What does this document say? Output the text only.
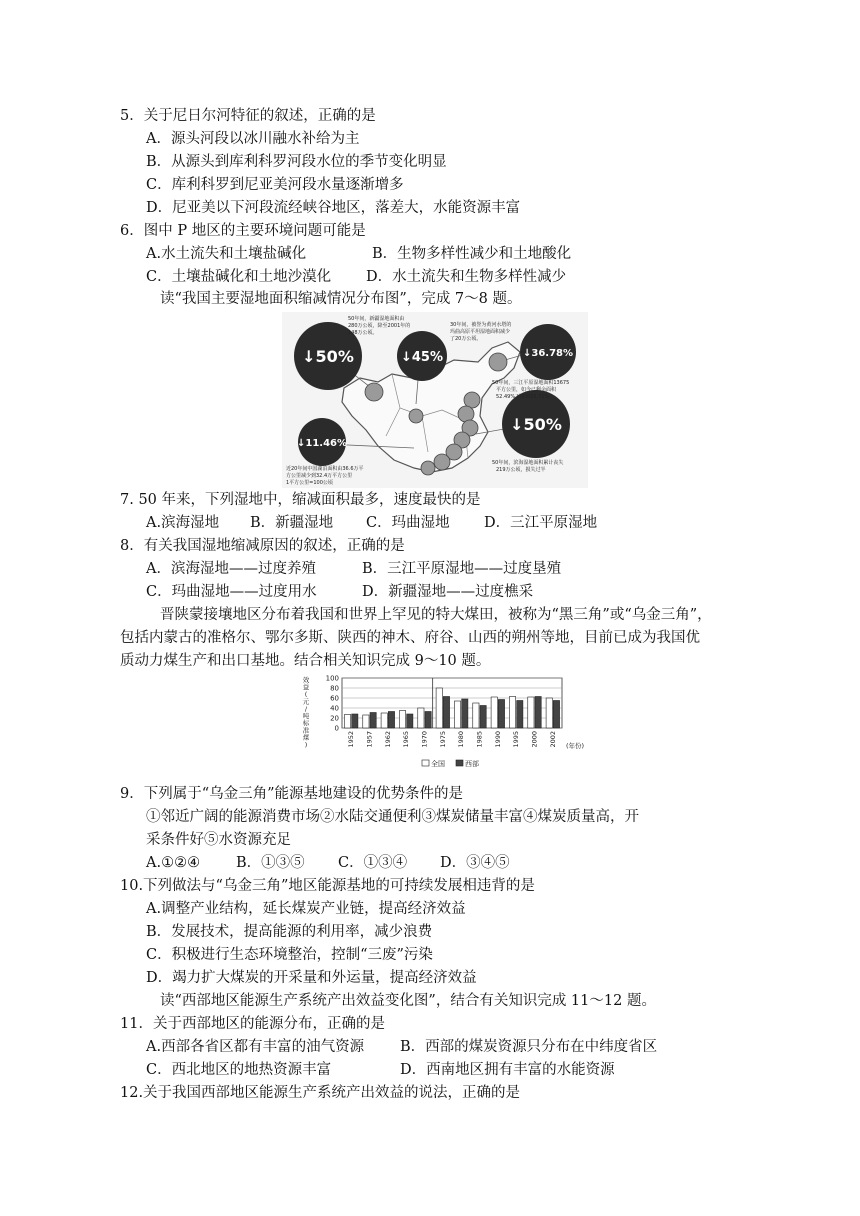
5．关于尼日尔河特征的叙述，正确的是
A．源头河段以冰川融水补给为主
B．从源头到库利科罗河段水位的季节变化明显
C．库利科罗到尼亚美河段水量逐渐增多
D．尼亚美以下河段流经峡谷地区，落差大，水能资源丰富
6．图中 P 地区的主要环境问题可能是
A.水土流失和土壤盐碱化	B．生物多样性减少和土地酸化
C．土壤盐碱化和土地沙漠化 D．水土流失和生物多样性减少
读“我国主要湿地面积缩减情况分布图”，完成 7～8 题。
↓50%	↓45%	↓36.78%
↓50%
↓11.46%
50年间，新疆湿地面积由
280万公顷，降至2001年的
148万公顷。
30年间，被誉为黄河水塔的
玛曲高原平坦湿地面积减少
了20万公顷。
50年间，三江平原湿地面积13675
平方公里，如今已剩余面积
52.49%下降到15.71%
50年间，滨海湿地面积累计丧失
219万公顷，损失过半
近20年间中国湖泊面积由36.6万平
方公里减少到32.4万平方公里
1平方公里=100公顷
7. 50 年来，下列湿地中，缩减面积最多，速度最快的是
A.滨海湿地 B．新疆湿地 C．玛曲湿地 D．三江平原湿地
8．有关我国湿地缩减原因的叙述，正确的是
A．滨海湿地——过度养殖	B．三江平原湿地——过度垦殖
C．玛曲湿地——过度用水	D．新疆湿地——过度樵采
晋陕蒙接壤地区分布着我国和世界上罕见的特大煤田，被称为“黑三角”或“乌金三角”，
包括内蒙古的准格尔、鄂尔多斯、陕西的神木、府谷、山西的朔州等地，目前已成为我国优
质动力煤生产和出口基地。结合相关知识完成 9～10 题。
效
益
(
元
/
吨
标
准
煤
)
0
20
40
60
80
100
1952 1957 1962 1965 1970 1975 1980 1985 1990 1995 2000 2002 (年份)
全国	西部
9．下列属于“乌金三角”能源基地建设的优势条件的是
①邻近广阔的能源消费市场②水陆交通便利③煤炭储量丰富④煤炭质量高，开
采条件好⑤水资源充足
A.①②④ B．①③⑤ C．①③④ D．③④⑤
10.下列做法与“乌金三角”地区能源基地的可持续发展相违背的是
A.调整产业结构，延长煤炭产业链，提高经济效益
B．发展技术，提高能源的利用率，减少浪费
C．积极进行生态环境整治，控制“三废”污染
D．竭力扩大煤炭的开采量和外运量，提高经济效益
读“西部地区能源生产系统产出效益变化图”，结合有关知识完成 11～12 题。
11．关于西部地区的能源分布，正确的是
A.西部各省区都有丰富的油气资源 B．西部的煤炭资源只分布在中纬度省区
C．西北地区的地热资源丰富	D．西南地区拥有丰富的水能资源
12.关于我国西部地区能源生产系统产出效益的说法，正确的是
